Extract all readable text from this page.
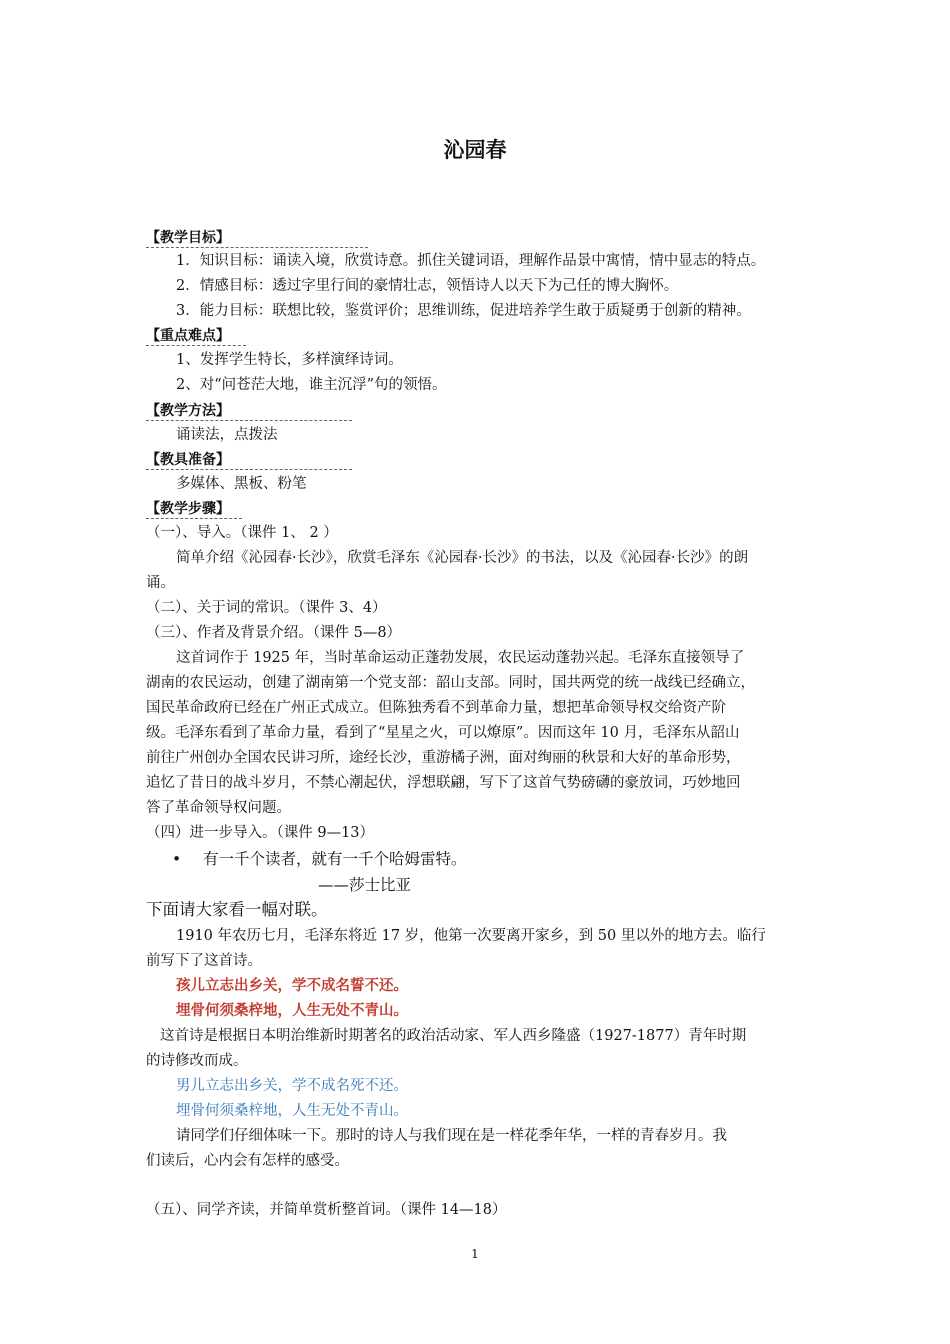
沁园春
【教学目标】
1．知识目标：诵读入境，欣赏诗意。抓住关键词语，理解作品景中寓情，情中显志的特点。
2．情感目标：透过字里行间的豪情壮志，领悟诗人以天下为己任的博大胸怀。
3．能力目标：联想比较，鉴赏评价；思维训练，促进培养学生敢于质疑勇于创新的精神。
【重点难点】
1、发挥学生特长，多样演绎诗词。
2、对“问苍茫大地，谁主沉浮”句的领悟。
【教学方法】
诵读法，点拨法
【教具准备】
多媒体、黑板、粉笔
【教学步骤】
（一）、导入。（课件 1、 2 ）
简单介绍《沁园春·长沙》，欣赏毛泽东《沁园春·长沙》的书法，以及《沁园春·长沙》的朗
诵。
（二）、关于词的常识。（课件 3、4）
（三）、作者及背景介绍。（课件 5—8）
这首词作于 1925 年，当时革命运动正蓬勃发展，农民运动蓬勃兴起。毛泽东直接领导了
湖南的农民运动，创建了湖南第一个党支部：韶山支部。同时，国共两党的统一战线已经确立，
国民革命政府已经在广州正式成立。但陈独秀看不到革命力量，想把革命领导权交给资产阶
级。毛泽东看到了革命力量，看到了“星星之火，可以燎原”。因而这年 10 月，毛泽东从韶山
前往广州创办全国农民讲习所，途经长沙，重游橘子洲，面对绚丽的秋景和大好的革命形势，
追忆了昔日的战斗岁月，不禁心潮起伏，浮想联翩，写下了这首气势磅礴的豪放词，巧妙地回
答了革命领导权问题。
（四）进一步导入。（课件 9—13）
• 有一千个读者，就有一千个哈姆雷特。
——莎士比亚
下面请大家看一幅对联。
1910 年农历七月，毛泽东将近 17 岁，他第一次要离开家乡，到 50 里以外的地方去。临行
前写下了这首诗。
孩儿立志出乡关，学不成名誓不还。
埋骨何须桑梓地，人生无处不青山。
这首诗是根据日本明治维新时期著名的政治活动家、军人西乡隆盛（1927-1877）青年时期
的诗修改而成。
男儿立志出乡关，学不成名死不还。
埋骨何须桑梓地，人生无处不青山。
请同学们仔细体味一下。那时的诗人与我们现在是一样花季年华，一样的青春岁月。我
们读后，心内会有怎样的感受。
（五）、同学齐读，并简单赏析整首词。（课件 14—18）
1
